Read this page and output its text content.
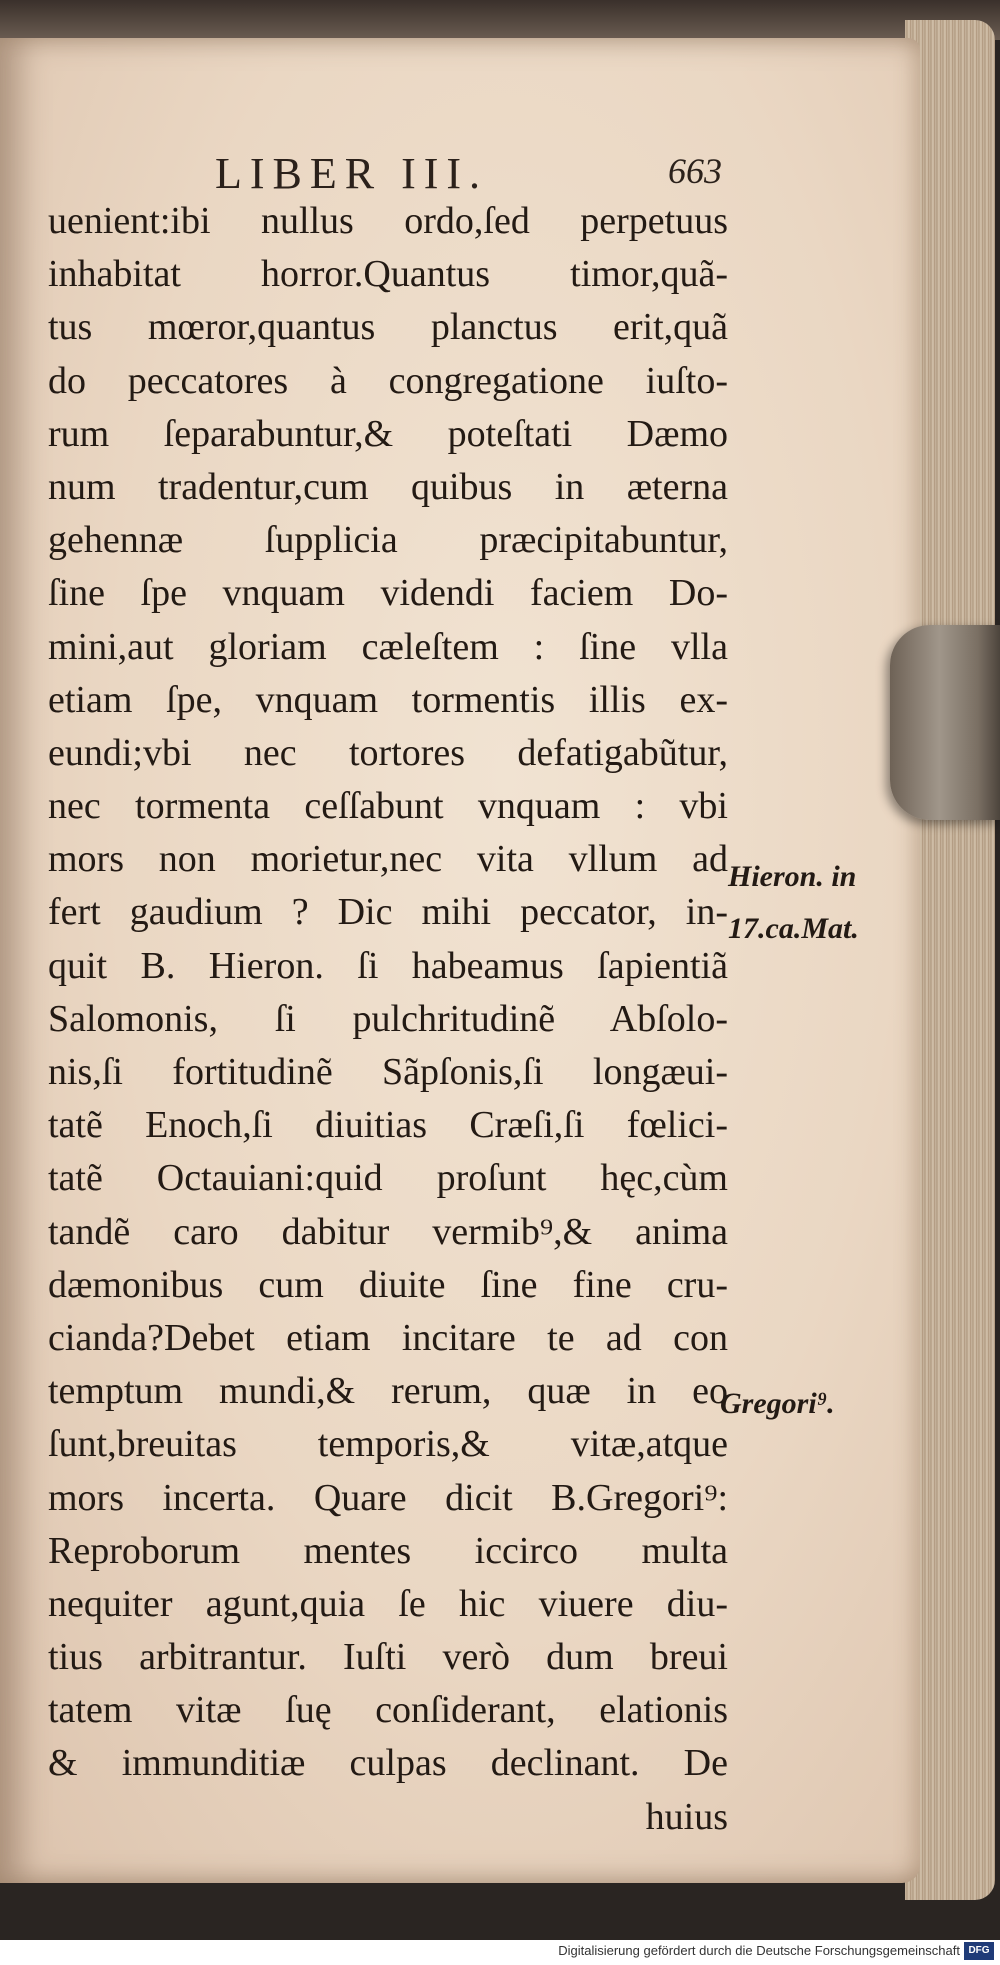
LIBER III.	663
uenient:ibi nullus ordo,ſed perpetuus
inhabitat horror.Quantus timor,quã-
tus mœror,quantus planctus erit,quã
do peccatores à congregatione iuſto-
rum ſeparabuntur,& poteſtati Dæmo
num tradentur,cum quibus in æterna
gehennæ ſupplicia præcipitabuntur,
ſine ſpe vnquam videndi faciem Do-
mini,aut gloriam cæleſtem : ſine vlla
etiam ſpe, vnquam tormentis illis ex-
eundi;vbi nec tortores defatigabũtur,
nec tormenta ceſſabunt vnquam : vbi
mors non morietur,nec vita vllum ad
fert gaudium ? Dic mihi peccator, in-
quit B. Hieron. ſi habeamus ſapientiã
Salomonis, ſi pulchritudinẽ Abſolo-
nis,ſi fortitudinẽ Sãpſonis,ſi longæui-
tatẽ Enoch,ſi diuitias Cræſi,ſi fœlici-
tatẽ Octauiani:quid proſunt hęc,cùm
tandẽ caro dabitur vermib⁹,& anima
dæmonibus cum diuite ſine fine cru-
cianda?Debet etiam incitare te ad con
temptum mundi,& rerum, quæ in eo
ſunt,breuitas temporis,& vitæ,atque
mors incerta. Quare dicit B.Gregori⁹:
Reproborum mentes iccirco multa
nequiter agunt,quia ſe hic viuere diu-
tius arbitrantur. Iuſti verò dum breui
tatem vitæ ſuę conſiderant, elationis
& immunditiæ culpas declinant. De
huius
Hieron. in
17.ca.Mat.
Gregori⁹.
Digitalisierung gefördert durch die Deutsche Forschungsgemeinschaft DFG
